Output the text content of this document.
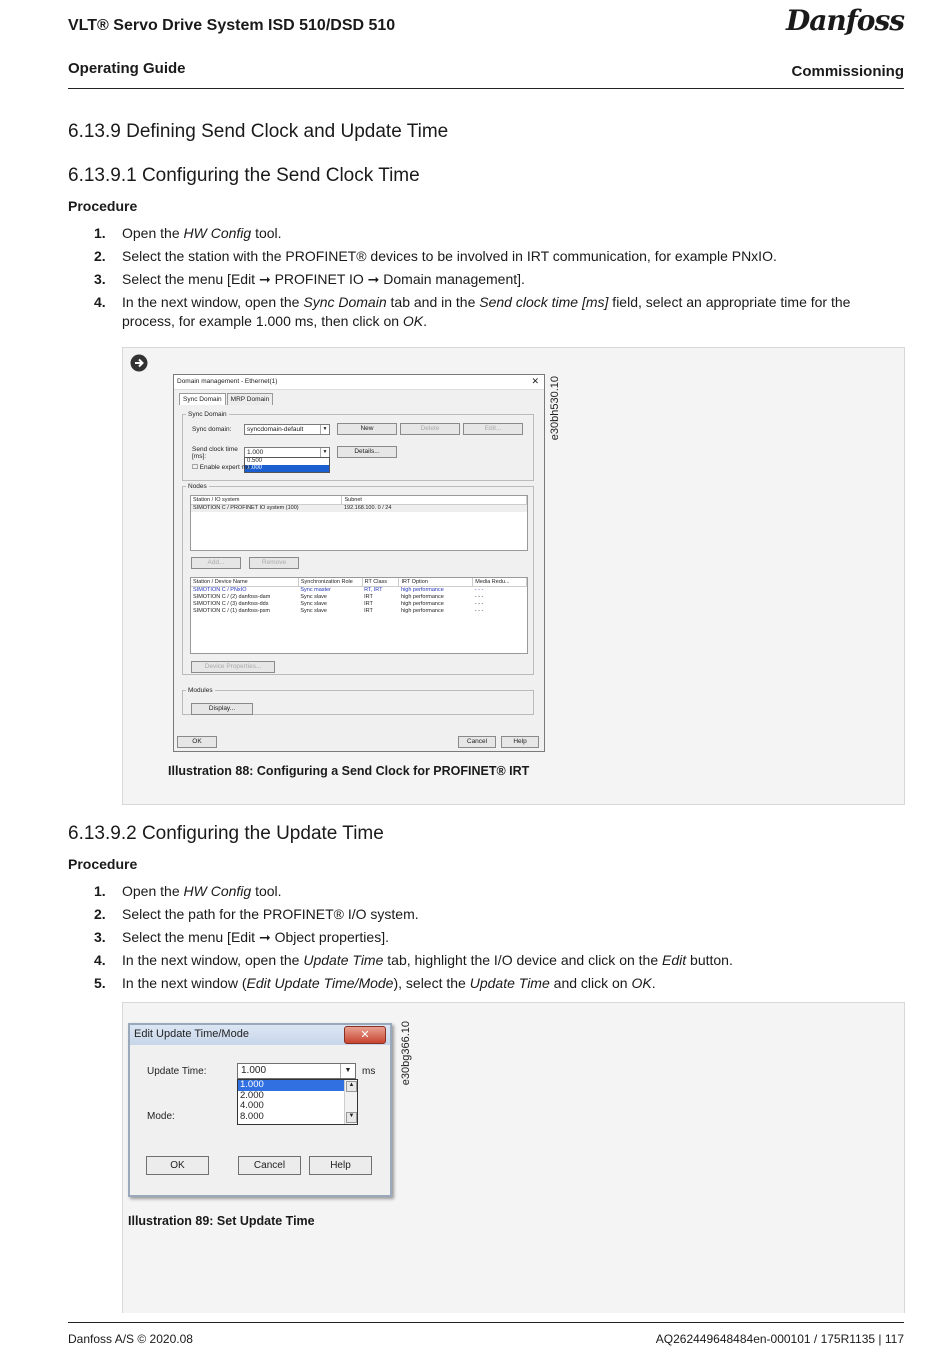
VLT® Servo Drive System ISD 510/DSD 510	Danfoss
Operating Guide	Commissioning
6.13.9 Defining Send Clock and Update Time
6.13.9.1 Configuring the Send Clock Time
Procedure
1. Open the HW Config tool.
2. Select the station with the PROFINET® devices to be involved in IRT communication, for example PNxIO.
3. Select the menu [Edit ➞ PROFINET IO ➞ Domain management].
4. In the next window, open the Sync Domain tab and in the Send clock time [ms] field, select an appropriate time for the process, for example 1.000 ms, then click on OK.
e30bh530.10
Domain management - Ethernet(1)	✕
Sync Domain	MRP Domain
Sync Domain
Sync domain:	syncdomain-default	▼	New	Delete	Edit...
Send clock time
[ms]:
1.000	▼
0.500
1.000
Details...
☐ Enable expert mo
Nodes
Station / IO system	Subnet
SIMOTION C / PROFINET IO system (100)	192.168.100. 0 / 24
Add...	Remove
Station / Device Name	Synchronization Role	RT Class	IRT Option	Media Redu...
SIMOTION C / PNxIO	Sync master	RT, IRT	high performance	- - -
SIMOTION C / (2) danfoss-dam	Sync slave	IRT	high performance	- - -
SIMOTION C / (3) danfoss-dds	Sync slave	IRT	high performance	- - -
SIMOTION C / (1) danfoss-psm	Sync slave	IRT	high performance	- - -
Device Properties...
Modules
Display...
OK	Cancel	Help
Illustration 88: Configuring a Send Clock for PROFINET® IRT
6.13.9.2 Configuring the Update Time
Procedure
1. Open the HW Config tool.
2. Select the path for the PROFINET® I/O system.
3. Select the menu [Edit ➞ Object properties].
4. In the next window, open the Update Time tab, highlight the I/O device and click on the Edit button.
5. In the next window (Edit Update Time/Mode), select the Update Time and click on OK.
e30bg366.10
Edit Update Time/Mode	✕
Update Time:	1.000	▼	ms
1.000
2.000
4.000
8.000
▲
▼
Mode:
OK	Cancel	Help
Illustration 89: Set Update Time
Danfoss A/S © 2020.08	AQ262449648484en-000101 / 175R1135 | 117
